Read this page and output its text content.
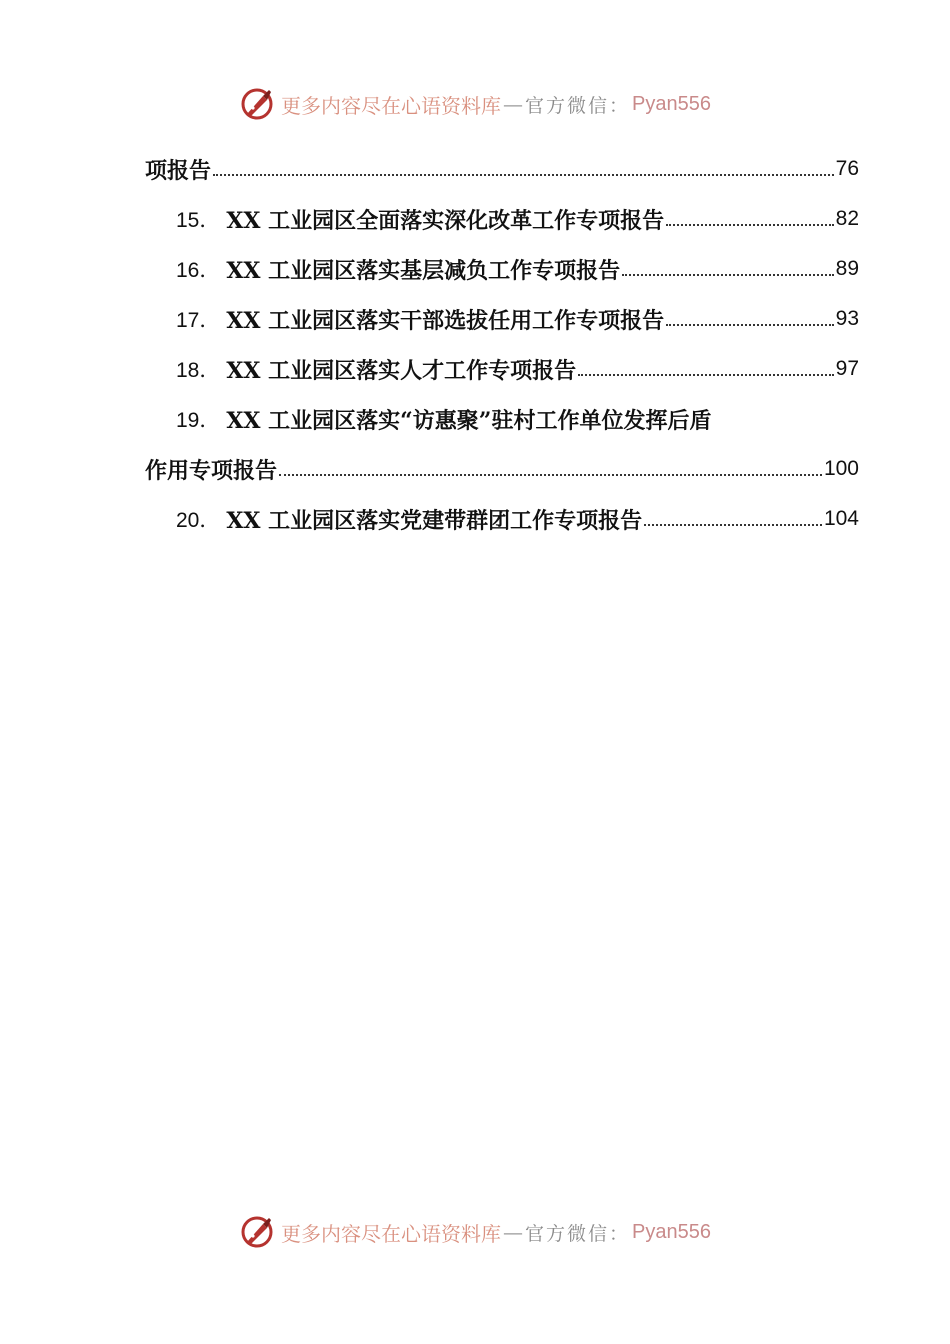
更多内容尽在心语资料库 — 官方微信： Pyan556
项报告	76
15． XX 工业园区全面落实深化改革工作专项报告	82
16． XX 工业园区落实基层减负工作专项报告	89
17． XX 工业园区落实干部选拔任用工作专项报告	93
18． XX 工业园区落实人才工作专项报告	97
19． XX 工业园区落实“访惠聚”驻村工作单位发挥后盾
作用专项报告	100
20． XX 工业园区落实党建带群团工作专项报告	104
更多内容尽在心语资料库 — 官方微信： Pyan556
